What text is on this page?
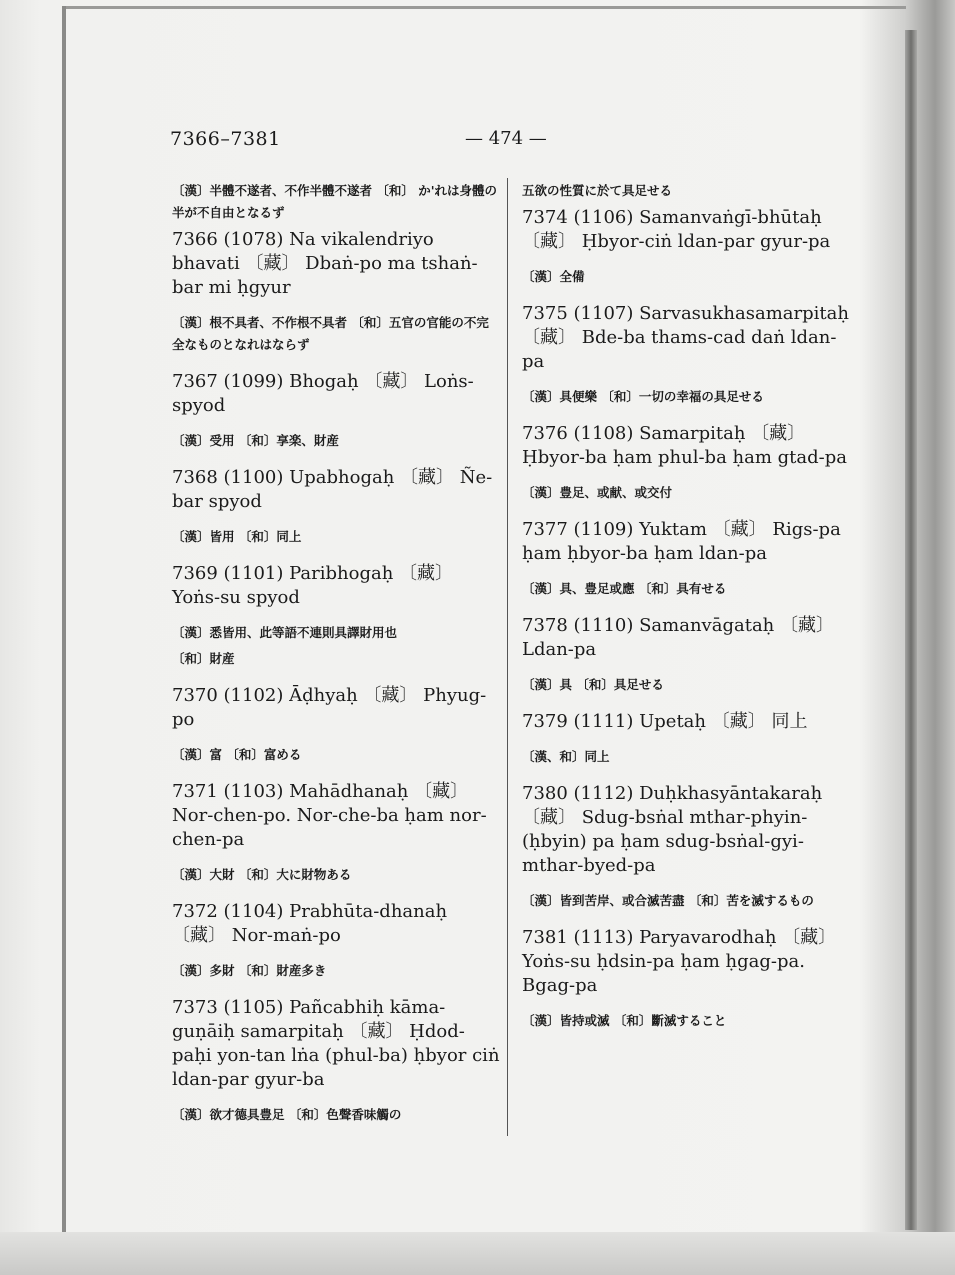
7366–7381	— 474 —
〔漢〕半體不遂者、不作半體不遂者 〔和〕 か'れは身體の半が不自由となるず
7366 (1078) Na vikalendriyo bhavati 〔藏〕 Dbaṅ-po ma tshaṅ-bar mi ḥgyur
〔漢〕根不具者、不作根不具者 〔和〕五官の官能の不完全なものとなれはならず
7367 (1099) Bhogaḥ 〔藏〕 Loṅs-spyod
〔漢〕受用 〔和〕享楽、財産
7368 (1100) Upabhogaḥ 〔藏〕 Ñe-bar spyod
〔漢〕皆用 〔和〕同上
7369 (1101) Paribhogaḥ 〔藏〕 Yoṅs-su spyod
〔漢〕悉皆用、此等語不連則具譯財用也
〔和〕財産
7370 (1102) Āḍhyaḥ 〔藏〕 Phyug-po
〔漢〕富 〔和〕富める
7371 (1103) Mahādhanaḥ 〔藏〕 Nor-chen-po. Nor-che-ba ḥam nor-chen-pa
〔漢〕大財 〔和〕大に財物ある
7372 (1104) Prabhūta-dhanaḥ 〔藏〕 Nor-maṅ-po
〔漢〕多財 〔和〕財産多き
7373 (1105) Pañcabhiḥ kāma-guṇāiḥ samarpitaḥ 〔藏〕 Ḥdod-paḥi yon-tan lṅa (phul-ba) ḥbyor ciṅ ldan-par gyur-ba
〔漢〕欲才德具豊足 〔和〕色聲香味觸の
五欲の性質に於て具足せる
7374 (1106) Samanvaṅgī-bhūtaḥ 〔藏〕 Ḥbyor-ciṅ ldan-par gyur-pa
〔漢〕全備
7375 (1107) Sarvasukhasamarpitaḥ 〔藏〕 Bde-ba thams-cad daṅ ldan-pa
〔漢〕具便樂 〔和〕一切の幸福の具足せる
7376 (1108) Samarpitaḥ 〔藏〕 Ḥbyor-ba ḥam phul-ba ḥam gtad-pa
〔漢〕豊足、或献、或交付
7377 (1109) Yuktam 〔藏〕 Rigs-pa ḥam ḥbyor-ba ḥam ldan-pa
〔漢〕具、豊足或應 〔和〕具有せる
7378 (1110) Samanvāgataḥ 〔藏〕 Ldan-pa
〔漢〕具 〔和〕具足せる
7379 (1111) Upetaḥ 〔藏〕 同上
〔漢、和〕同上
7380 (1112) Duḥkhasyāntakaraḥ 〔藏〕 Sdug-bsṅal mthar-phyin-(ḥbyin) pa ḥam sdug-bsṅal-gyi-mthar-byed-pa
〔漢〕皆到苦岸、或合滅苦盡 〔和〕苦を滅するもの
7381 (1113) Paryavarodhaḥ 〔藏〕 Yoṅs-su ḥdsin-pa ḥam ḥgag-pa. Bgag-pa
〔漢〕皆持或滅 〔和〕斷滅すること
